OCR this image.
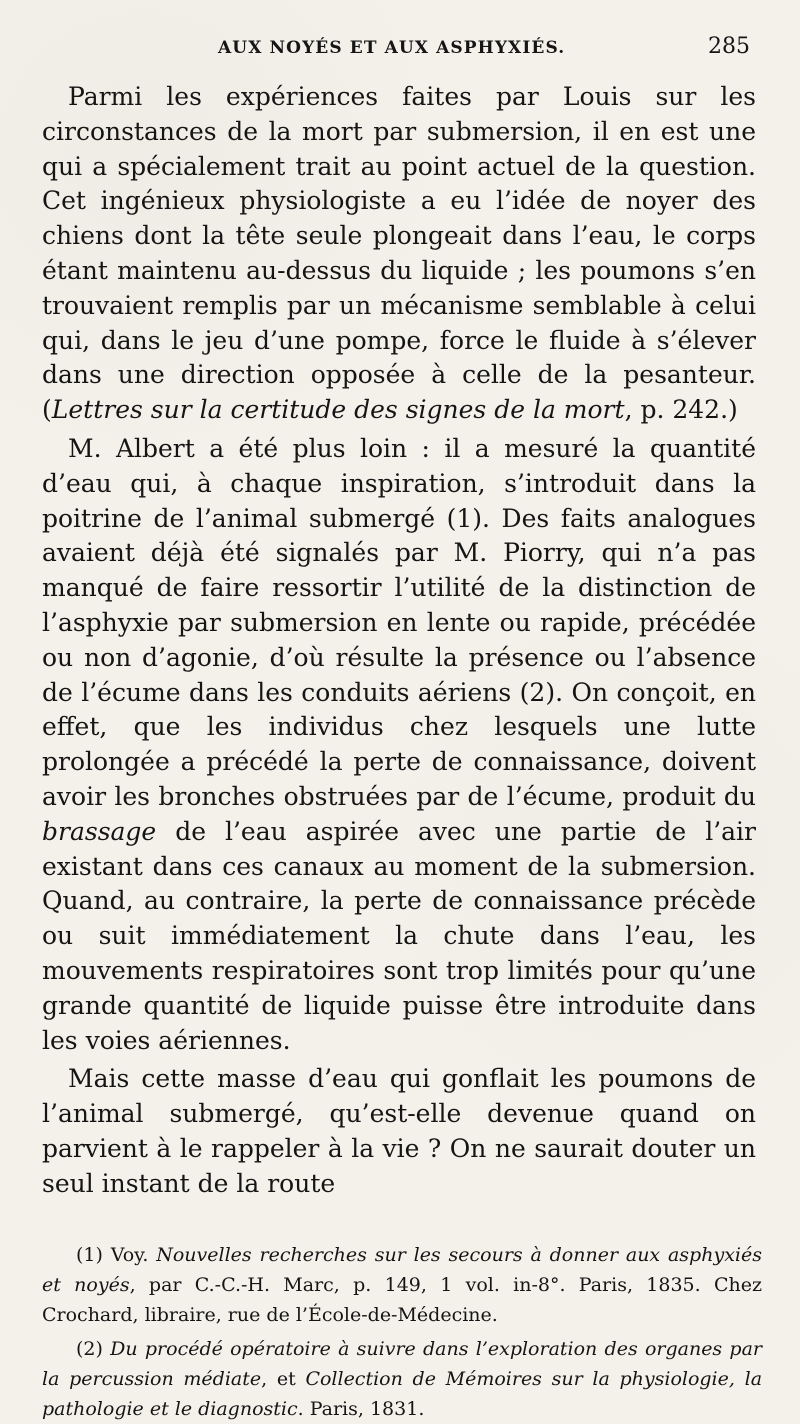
AUX NOYÉS ET AUX ASPHYXIÉS.	285

Parmi les expériences faites par Louis sur les circonstances de la mort par submersion, il en est une qui a spécialement trait au point actuel de la question. Cet ingénieux physiologiste a eu l’idée de noyer des chiens dont la tête seule plongeait dans l’eau, le corps étant maintenu au-dessus du liquide ; les poumons s’en trouvaient remplis par un mécanisme semblable à celui qui, dans le jeu d’une pompe, force le fluide à s’élever dans une direction opposée à celle de la pesanteur. (Lettres sur la certitude des signes de la mort, p. 242.)

M. Albert a été plus loin : il a mesuré la quantité d’eau qui, à chaque inspiration, s’introduit dans la poitrine de l’animal submergé (1). Des faits analogues avaient déjà été signalés par M. Piorry, qui n’a pas manqué de faire ressortir l’utilité de la distinction de l’asphyxie par submersion en lente ou rapide, précédée ou non d’agonie, d’où résulte la présence ou l’absence de l’écume dans les conduits aériens (2). On conçoit, en effet, que les individus chez lesquels une lutte prolongée a précédé la perte de connaissance, doivent avoir les bronches obstruées par de l’écume, produit du brassage de l’eau aspirée avec une partie de l’air existant dans ces canaux au moment de la submersion. Quand, au contraire, la perte de connaissance précède ou suit immédiatement la chute dans l’eau, les mouvements respiratoires sont trop limités pour qu’une grande quantité de liquide puisse être introduite dans les voies aériennes.

Mais cette masse d’eau qui gonflait les poumons de l’animal submergé, qu’est-elle devenue quand on parvient à le rappeler à la vie ? On ne saurait douter un seul instant de la route

(1) Voy. Nouvelles recherches sur les secours à donner aux asphyxiés et noyés, par C.-C.-H. Marc, p. 149, 1 vol. in-8°. Paris, 1835. Chez Crochard, libraire, rue de l’École-de-Médecine.

(2) Du procédé opératoire à suivre dans l’exploration des organes par la percussion médiate, et Collection de Mémoires sur la physiologie, la pathologie et le diagnostic. Paris, 1831.
